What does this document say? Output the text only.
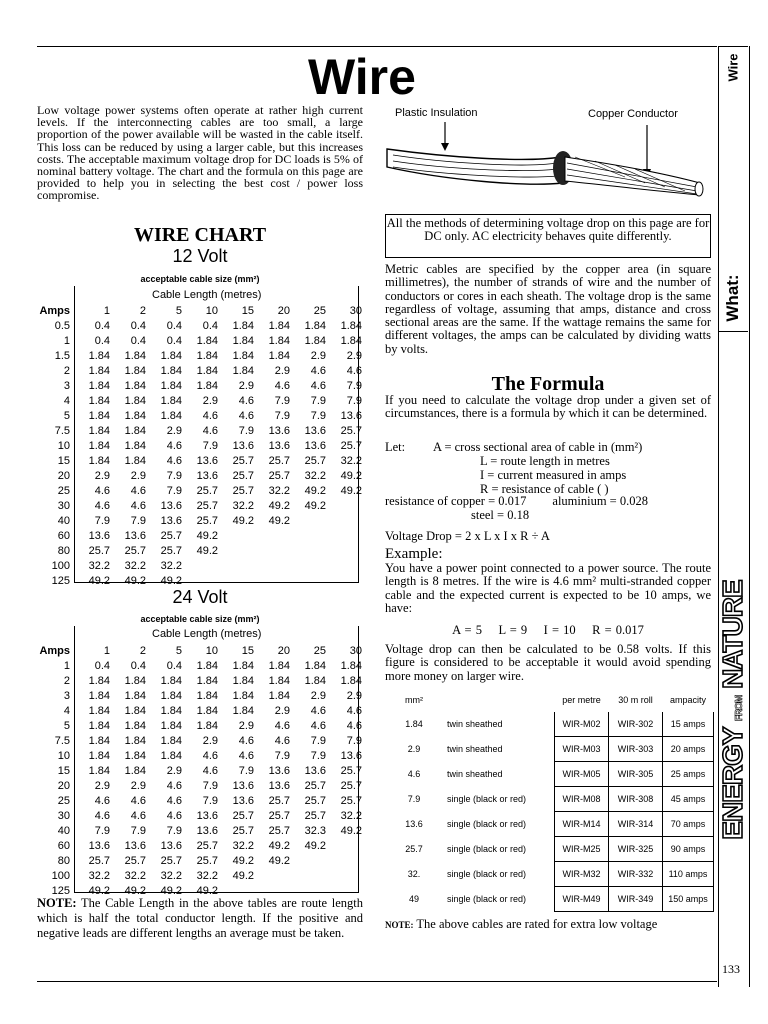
Wire
What:
ENERGY FROM NATURE
133
Wire
Low voltage power systems often operate at rather high current levels. If the interconnecting cables are too small, a large proportion of the power available will be wasted in the cable itself. This loss can be reduced by using a larger cable, but this increases costs. The acceptable maximum voltage drop for DC loads is 5% of nominal battery voltage. The chart and the formula on this page are provided to help you in selecting the best cost / power loss compromise.
WIRE CHART
12 Volt
acceptable cable size (mm²)
Cable Length (metres)
Amps	1	2	5	10	15	20	25	30
0.5	0.4	0.4	0.4	0.4	1.84	1.84	1.84	1.84
1	0.4	0.4	0.4	1.84	1.84	1.84	1.84	1.84
1.5	1.84	1.84	1.84	1.84	1.84	1.84	2.9	2.9
2	1.84	1.84	1.84	1.84	1.84	2.9	4.6	4.6
3	1.84	1.84	1.84	1.84	2.9	4.6	4.6	7.9
4	1.84	1.84	1.84	2.9	4.6	7.9	7.9	7.9
5	1.84	1.84	1.84	4.6	4.6	7.9	7.9	13.6
7.5	1.84	1.84	2.9	4.6	7.9	13.6	13.6	25.7
10	1.84	1.84	4.6	7.9	13.6	13.6	13.6	25.7
15	1.84	1.84	4.6	13.6	25.7	25.7	25.7	32.2
20	2.9	2.9	7.9	13.6	25.7	25.7	32.2	49.2
25	4.6	4.6	7.9	25.7	25.7	32.2	49.2	49.2
30	4.6	4.6	13.6	25.7	32.2	49.2	49.2	
40	7.9	7.9	13.6	25.7	49.2	49.2		
60	13.6	13.6	25.7	49.2				
80	25.7	25.7	25.7	49.2				
100	32.2	32.2	32.2					
125	49.2	49.2	49.2					
24 Volt
acceptable cable size (mm²)
Cable Length (metres)
Amps	1	2	5	10	15	20	25	30
1	0.4	0.4	0.4	1.84	1.84	1.84	1.84	1.84
2	1.84	1.84	1.84	1.84	1.84	1.84	1.84	1.84
3	1.84	1.84	1.84	1.84	1.84	1.84	2.9	2.9
4	1.84	1.84	1.84	1.84	1.84	2.9	4.6	4.6
5	1.84	1.84	1.84	1.84	2.9	4.6	4.6	4.6
7.5	1.84	1.84	1.84	2.9	4.6	4.6	7.9	7.9
10	1.84	1.84	1.84	4.6	4.6	7.9	7.9	13.6
15	1.84	1.84	2.9	4.6	7.9	13.6	13.6	25.7
20	2.9	2.9	4.6	7.9	13.6	13.6	25.7	25.7
25	4.6	4.6	4.6	7.9	13.6	25.7	25.7	25.7
30	4.6	4.6	4.6	13.6	25.7	25.7	25.7	32.2
40	7.9	7.9	7.9	13.6	25.7	25.7	32.3	49.2
60	13.6	13.6	13.6	25.7	32.2	49.2	49.2	
80	25.7	25.7	25.7	25.7	49.2	49.2		
100	32.2	32.2	32.2	32.2	49.2			
125	49.2	49.2	49.2	49.2				
NOTE: The Cable Length in the above tables are route length which is half the total conductor length. If the positive and negative leads are different lengths an average must be taken.
Plastic Insulation	Copper Conductor
All the methods of determining voltage drop on this page are for DC only. AC electricity behaves quite differently.
Metric cables are specified by the copper area (in square millimetres), the number of strands of wire and the number of conductors or cores in each sheath. The voltage drop is the same regardless of voltage, assuming that amps, distance and cross sectional areas are the same. If the wattage remains the same for different voltages, the amps can be calculated by dividing watts by volts.
The Formula
If you need to calculate the voltage drop under a given set of circumstances, there is a formula by which it can be determined.
Let: A = cross sectional area of cable in (mm²)
L = route length in metres
I = current measured in amps
R = resistance of cable ( )
resistance of copper = 0.017 aluminium = 0.028
steel = 0.18
Voltage Drop = 2 x L x I x R ÷ A
Example:
You have a power point connected to a power source. The route length is 8 metres. If the wire is 4.6 mm² multi-stranded copper cable and the expected current is expected to be 10 amps, we have:
A = 5    L = 9    I = 10    R = 0.017
Voltage drop can then be calculated to be 0.58 volts. If this figure is considered to be acceptable it would avoid spending more money on larger wire.
mm²		per metre	30 m roll	ampacity
1.84	twin sheathed	WIR-M02	WIR-302	15 amps
2.9	twin sheathed	WIR-M03	WIR-303	20 amps
4.6	twin sheathed	WIR-M05	WIR-305	25 amps
7.9	single (black or red)	WIR-M08	WIR-308	45 amps
13.6	single (black or red)	WIR-M14	WIR-314	70 amps
25.7	single (black or red)	WIR-M25	WIR-325	90 amps
32.	single (black or red)	WIR-M32	WIR-332	110 amps
49	single (black or red)	WIR-M49	WIR-349	150 amps
NOTE: The above cables are rated for extra low voltage
